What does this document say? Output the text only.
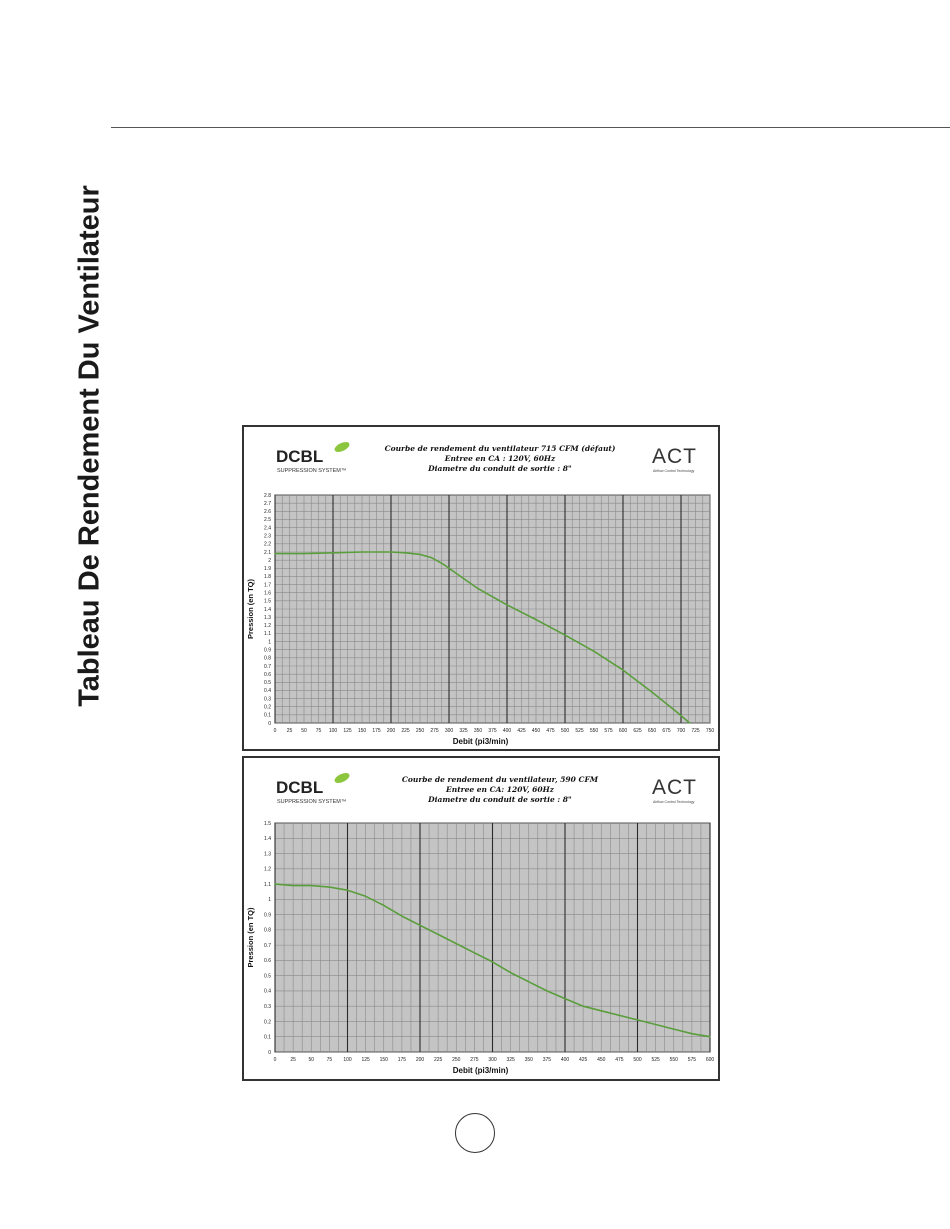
Tableau De Rendement Du Ventilateur	DCBL
SUPPRESSION SYSTEM™
ACT
Airflow Control Technology
Courbe de rendement du ventilateur 715 CFM (défaut)
Entree en CA : 120V, 60Hz
Diametre du conduit de sortie : 8"
0 25 50 75 100 125 150 175 200 225 250 275 300 325 350 375 400 425 450 475 500 525 550 575 600 625 650 675 700 725 750
0
0.1
0.2
0.3
0.4
0.5
0.6
0.7
0.8
0.9
1
1.1
1.2
1.3
1.4
1.5
1.6
1.7
1.8
1.9
2
2.1
2.2
2.3
2.4
2.5
2.6
2.7
2.8
Debit (pi3/min)
Pression (en TQ)
DCBL
SUPPRESSION SYSTEM™
ACT
Airflow Control Technology
Courbe de rendement du ventilateur, 590 CFM
Entree en CA: 120V, 60Hz
Diametre du conduit de sortie : 8"
0	25	50	75 100 125 150 175 200 225 250 275 300 325 350 375 400 425 450 475 500 525 550 575 600
0
0.1
0.2
0.3
0.4
0.5
0.6
0.7
0.8
0.9
1
1.1
1.2
1.3
1.4
1.5
Debit (pi3/min)
Pression (en TQ)
